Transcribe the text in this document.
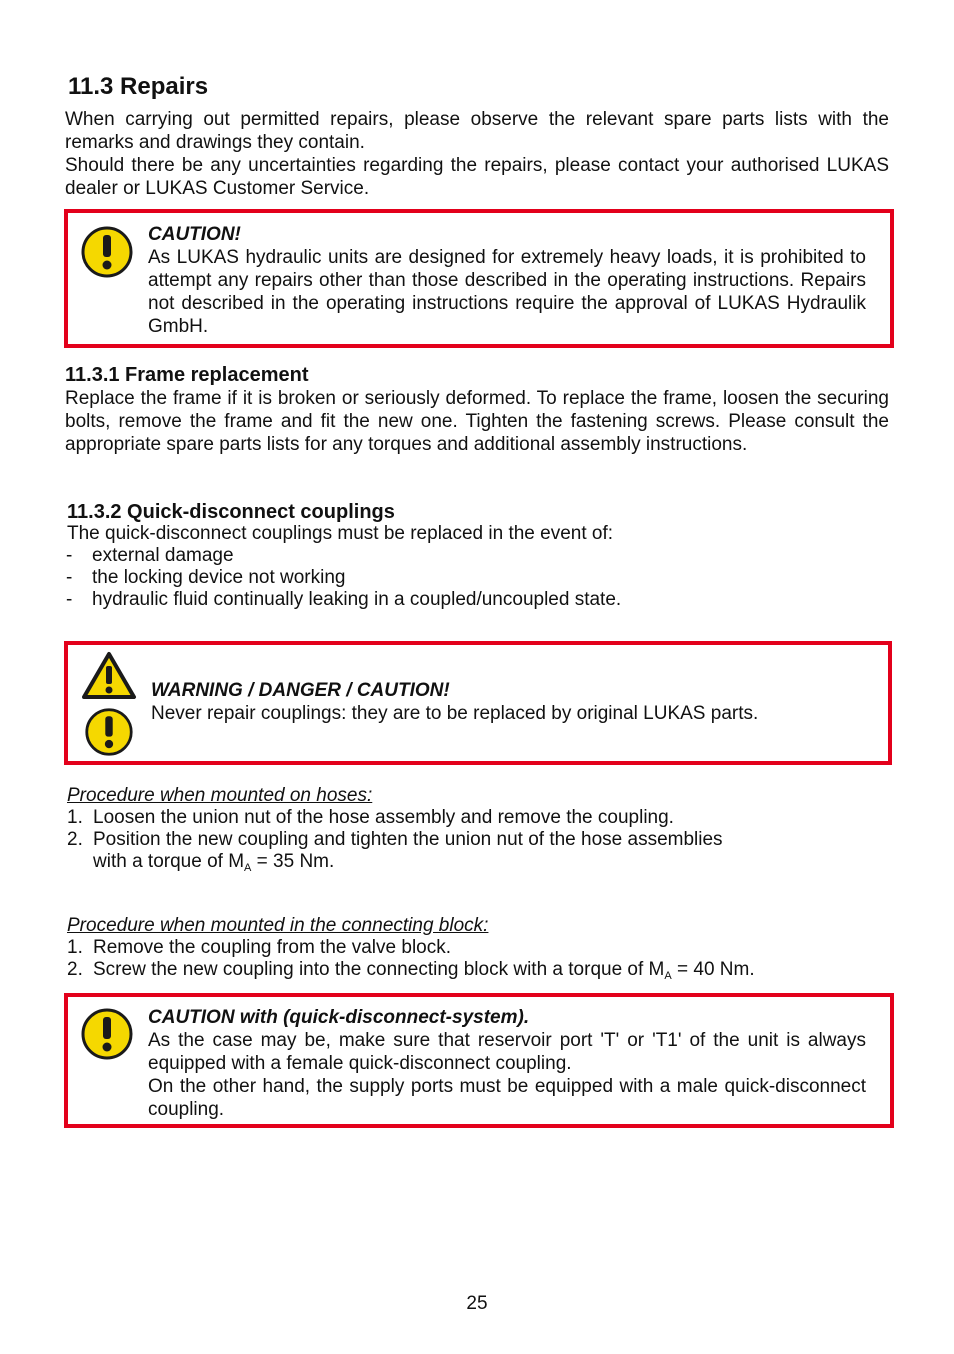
11.3 Repairs
When carrying out permitted repairs, please observe the relevant spare parts lists with the remarks and drawings they contain.
Should there be any uncertainties regarding the repairs, please contact your authorised LUKAS dealer or LUKAS Customer Service.
CAUTION!
As LUKAS hydraulic units are designed for extremely heavy loads, it is prohibited to attempt any repairs other than those described in the operating instructions. Repairs not described in the operating instructions require the approval of LUKAS Hydraulik GmbH.
11.3.1 Frame replacement
Replace the frame if it is broken or seriously deformed. To replace the frame, loosen the securing bolts, remove the frame and fit the new one. Tighten the fastening screws. Please consult the appropriate spare parts lists for any torques and additional assembly instructions.
11.3.2 Quick-disconnect couplings
The quick-disconnect couplings must be replaced in the event of:
- external damage
- the locking device not working
- hydraulic fluid continually leaking in a coupled/uncoupled state.
WARNING / DANGER / CAUTION!
Never repair couplings: they are to be replaced by original LUKAS parts.
Procedure when mounted on hoses:
1. Loosen the union nut of the hose assembly and remove the coupling.
2. Position the new coupling and tighten the union nut of the hose assemblies
with a torque of $M_A = 35$ Nm.
Procedure when mounted in the connecting block:
1. Remove the coupling from the valve block.
2. Screw the new coupling into the connecting block with a torque of $M_A = 40$ Nm.
CAUTION with (quick-disconnect-system).
As the case may be, make sure that reservoir port 'T' or 'T1' of the unit is always equipped with a female quick-disconnect coupling.
On the other hand, the supply ports must be equipped with a male quick-disconnect coupling.
25
